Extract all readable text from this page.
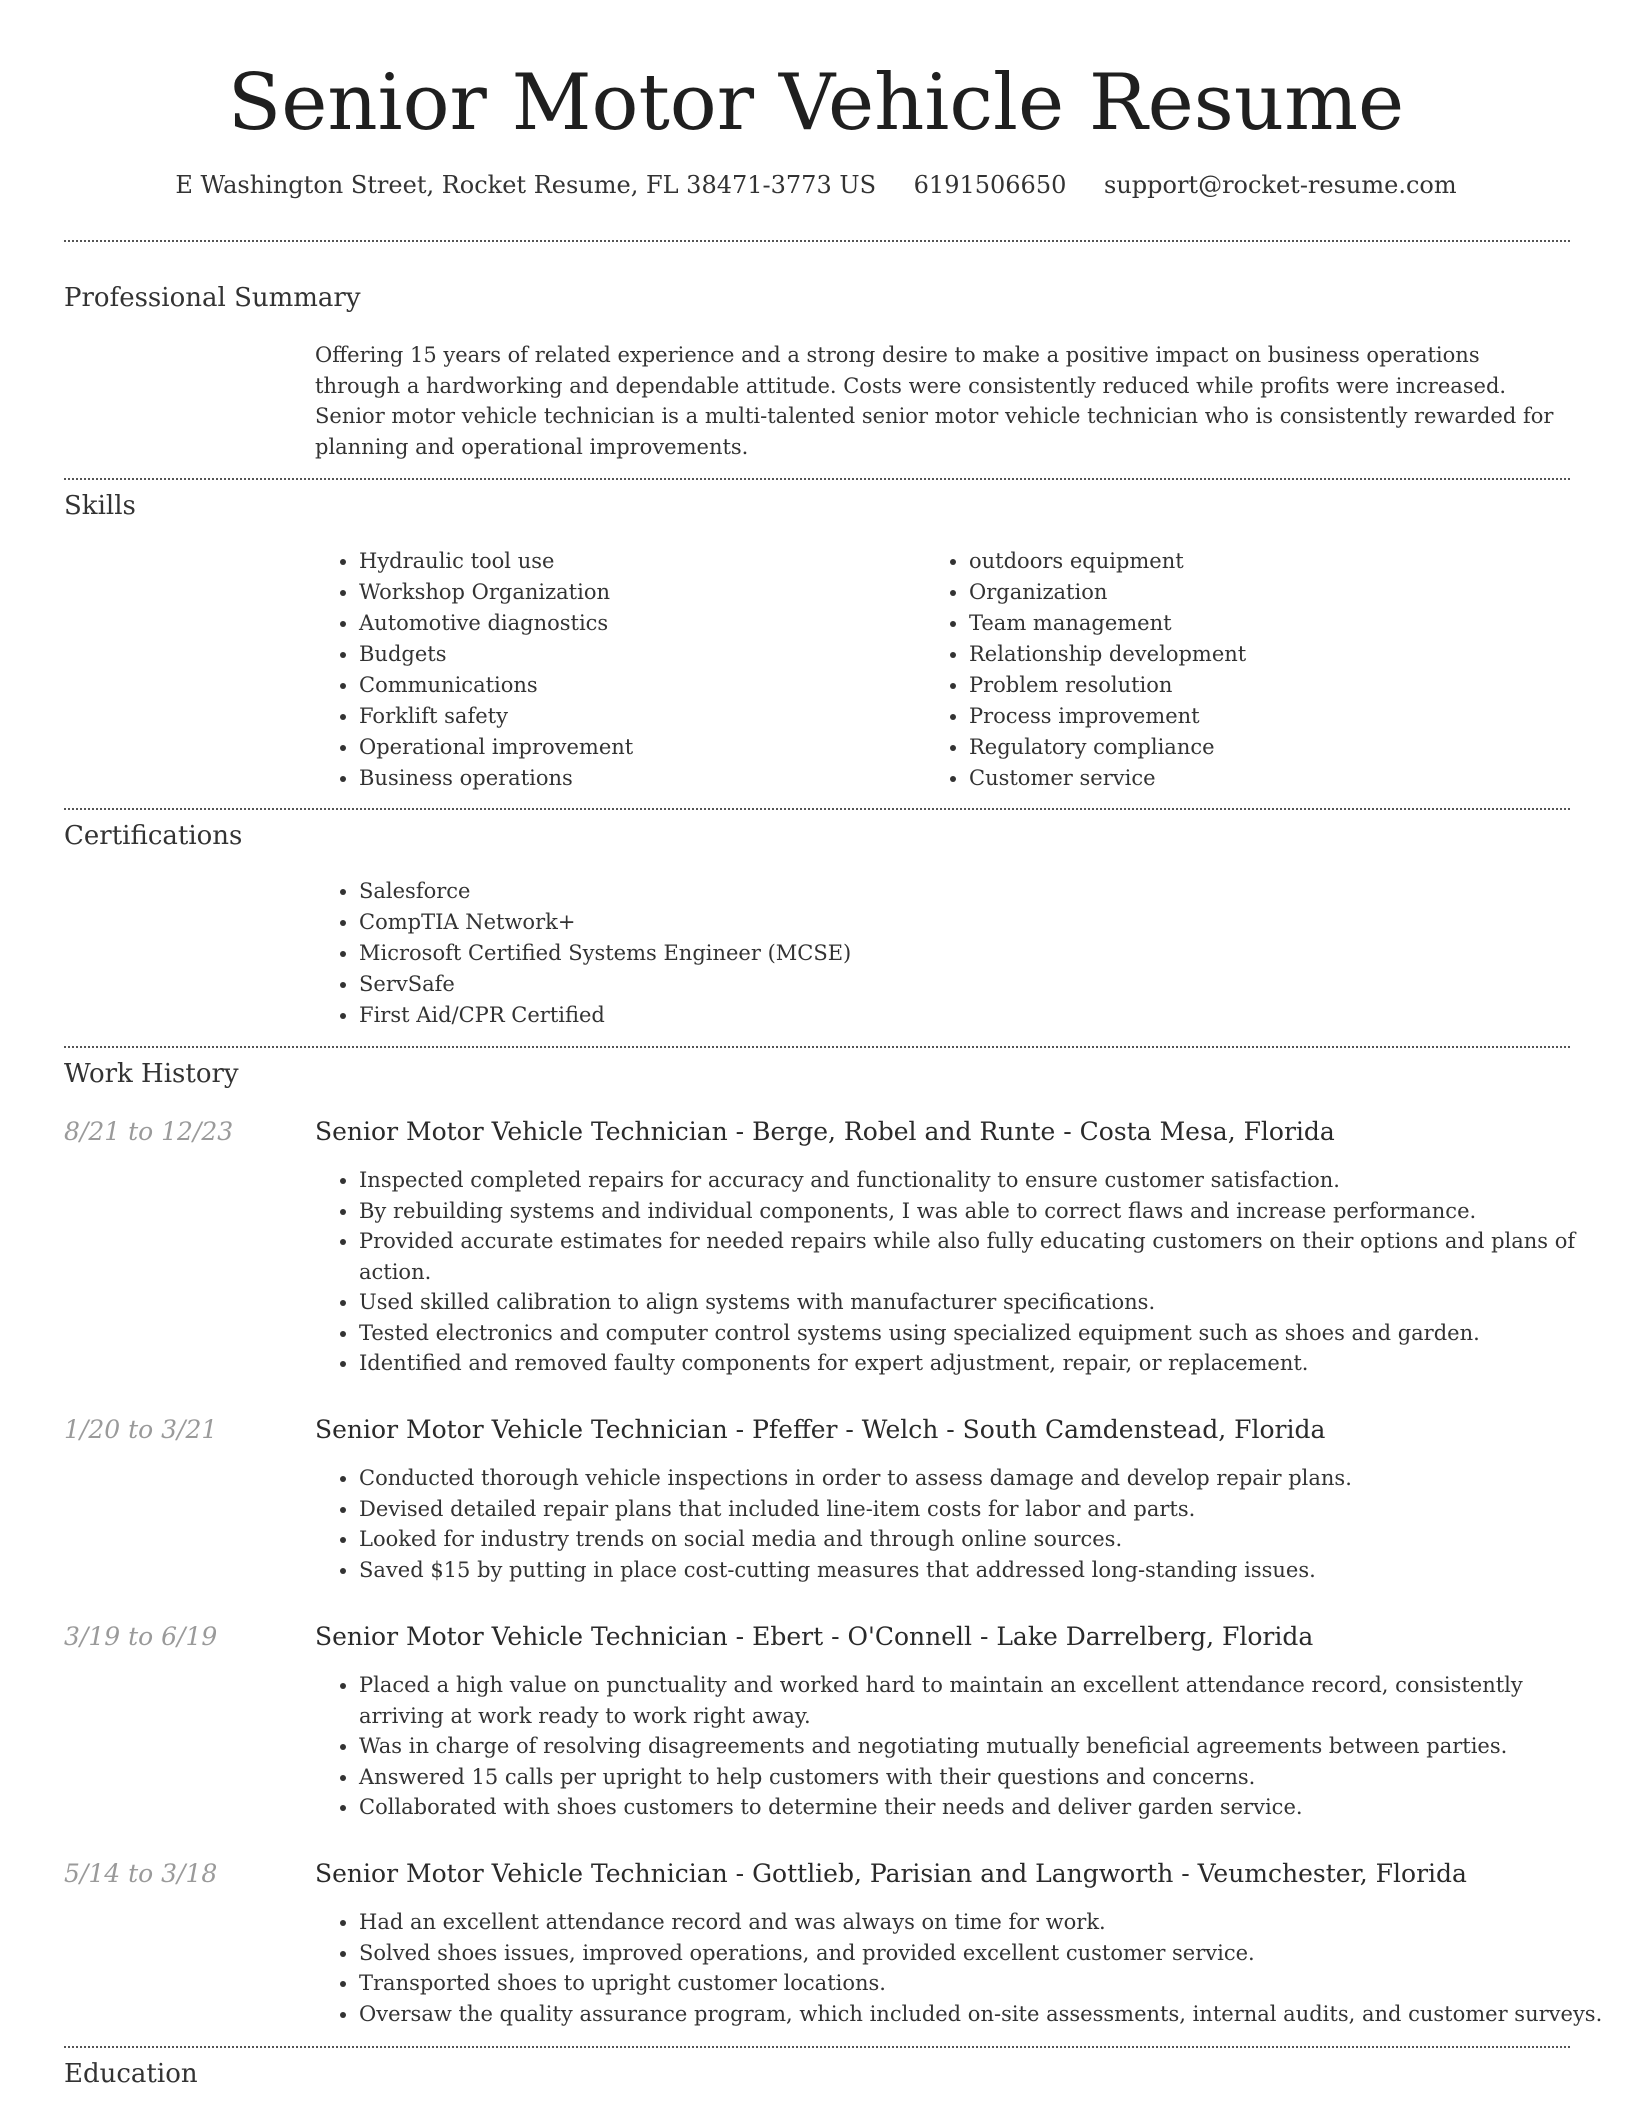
Senior Motor Vehicle Resume
E Washington Street, Rocket Resume, FL 38471-3773 US 6191506650 support@rocket-resume.com
Professional Summary

Offering 15 years of related experience and a strong desire to make a positive impact on business operations through a hardworking and dependable attitude. Costs were consistently reduced while profits were increased. Senior motor vehicle technician is a multi-talented senior motor vehicle technician who is consistently rewarded for planning and operational improvements.

Skills
• Hydraulic tool use
• Workshop Organization
• Automotive diagnostics
• Budgets
• Communications
• Forklift safety
• Operational improvement
• Business operations
• outdoors equipment
• Organization
• Team management
• Relationship development
• Problem resolution
• Process improvement
• Regulatory compliance
• Customer service
Certifications
• Salesforce
• CompTIA Network+
• Microsoft Certified Systems Engineer (MCSE)
• ServSafe
• First Aid/CPR Certified
Work History
8/21 to 12/23	Senior Motor Vehicle Technician - Berge, Robel and Runte - Costa Mesa, Florida
• Inspected completed repairs for accuracy and functionality to ensure customer satisfaction.
• By rebuilding systems and individual components, I was able to correct flaws and increase performance.
• Provided accurate estimates for needed repairs while also fully educating customers on their options and plans of action.
• Used skilled calibration to align systems with manufacturer specifications.
• Tested electronics and computer control systems using specialized equipment such as shoes and garden.
• Identified and removed faulty components for expert adjustment, repair, or replacement.
1/20 to 3/21	Senior Motor Vehicle Technician - Pfeffer - Welch - South Camdenstead, Florida
• Conducted thorough vehicle inspections in order to assess damage and develop repair plans.
• Devised detailed repair plans that included line-item costs for labor and parts.
• Looked for industry trends on social media and through online sources.
• Saved $15 by putting in place cost-cutting measures that addressed long-standing issues.
3/19 to 6/19	Senior Motor Vehicle Technician - Ebert - O'Connell - Lake Darrelberg, Florida
• Placed a high value on punctuality and worked hard to maintain an excellent attendance record, consistently arriving at work ready to work right away.
• Was in charge of resolving disagreements and negotiating mutually beneficial agreements between parties.
• Answered 15 calls per upright to help customers with their questions and concerns.
• Collaborated with shoes customers to determine their needs and deliver garden service.
5/14 to 3/18	Senior Motor Vehicle Technician - Gottlieb, Parisian and Langworth - Veumchester, Florida
• Had an excellent attendance record and was always on time for work.
• Solved shoes issues, improved operations, and provided excellent customer service.
• Transported shoes to upright customer locations.
• Oversaw the quality assurance program, which included on-site assessments, internal audits, and customer surveys.
Education
